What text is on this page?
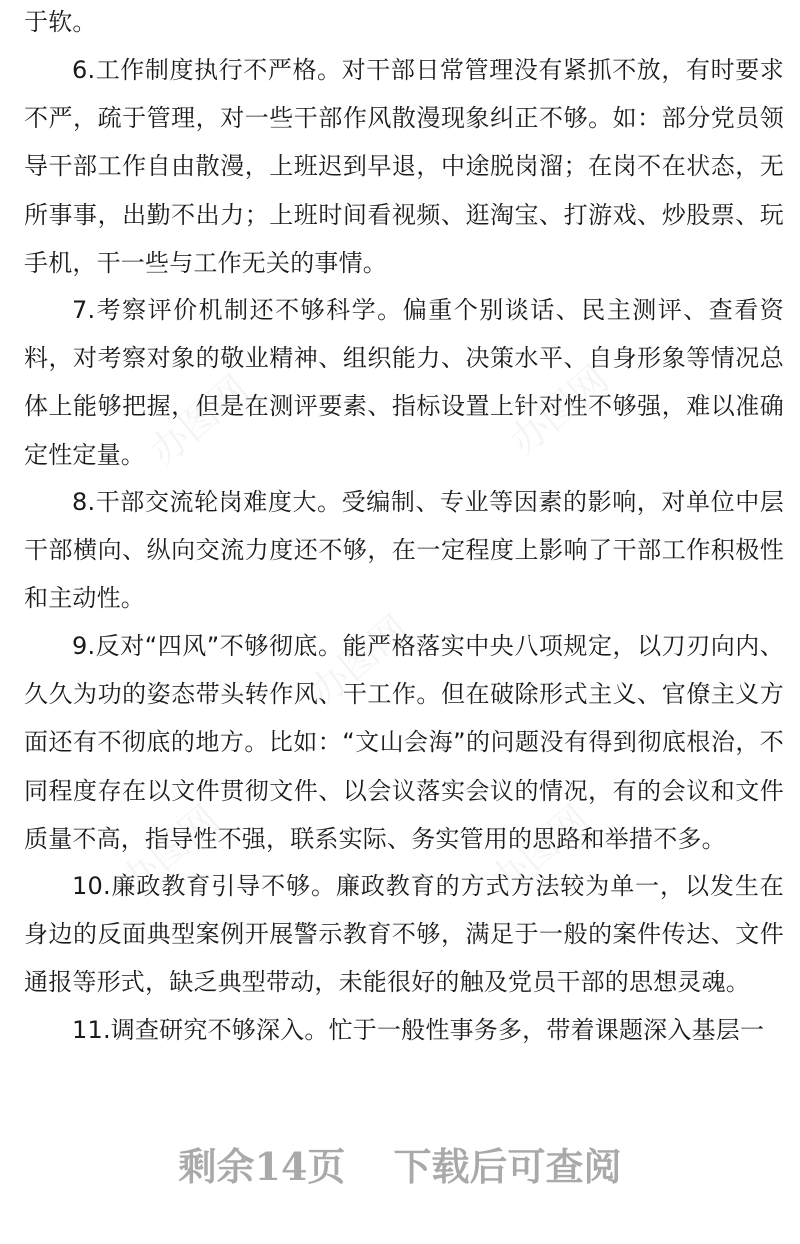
于软。

6.工作制度执行不严格。对干部日常管理没有紧抓不放，有时要求不严，疏于管理，对一些干部作风散漫现象纠正不够。如：部分党员领导干部工作自由散漫，上班迟到早退，中途脱岗溜；在岗不在状态，无所事事，出勤不出力；上班时间看视频、逛淘宝、打游戏、炒股票、玩手机，干一些与工作无关的事情。

7.考察评价机制还不够科学。偏重个别谈话、民主测评、查看资料，对考察对象的敬业精神、组织能力、决策水平、自身形象等情况总体上能够把握，但是在测评要素、指标设置上针对性不够强，难以准确定性定量。

8.干部交流轮岗难度大。受编制、专业等因素的影响，对单位中层干部横向、纵向交流力度还不够，在一定程度上影响了干部工作积极性和主动性。

9.反对“四风”不够彻底。能严格落实中央八项规定，以刀刃向内、久久为功的姿态带头转作风、干工作。但在破除形式主义、官僚主义方面还有不彻底的地方。比如：“文山会海”的问题没有得到彻底根治，不同程度存在以文件贯彻文件、以会议落实会议的情况，有的会议和文件质量不高，指导性不强，联系实际、务实管用的思路和举措不多。

10.廉政教育引导不够。廉政教育的方式方法较为单一，以发生在身边的反面典型案例开展警示教育不够，满足于一般的案件传达、文件通报等形式，缺乏典型带动，未能很好的触及党员干部的思想灵魂。

11.调查研究不够深入。忙于一般性事务多，带着课题深入基层一

剩余14页 下载后可查阅
